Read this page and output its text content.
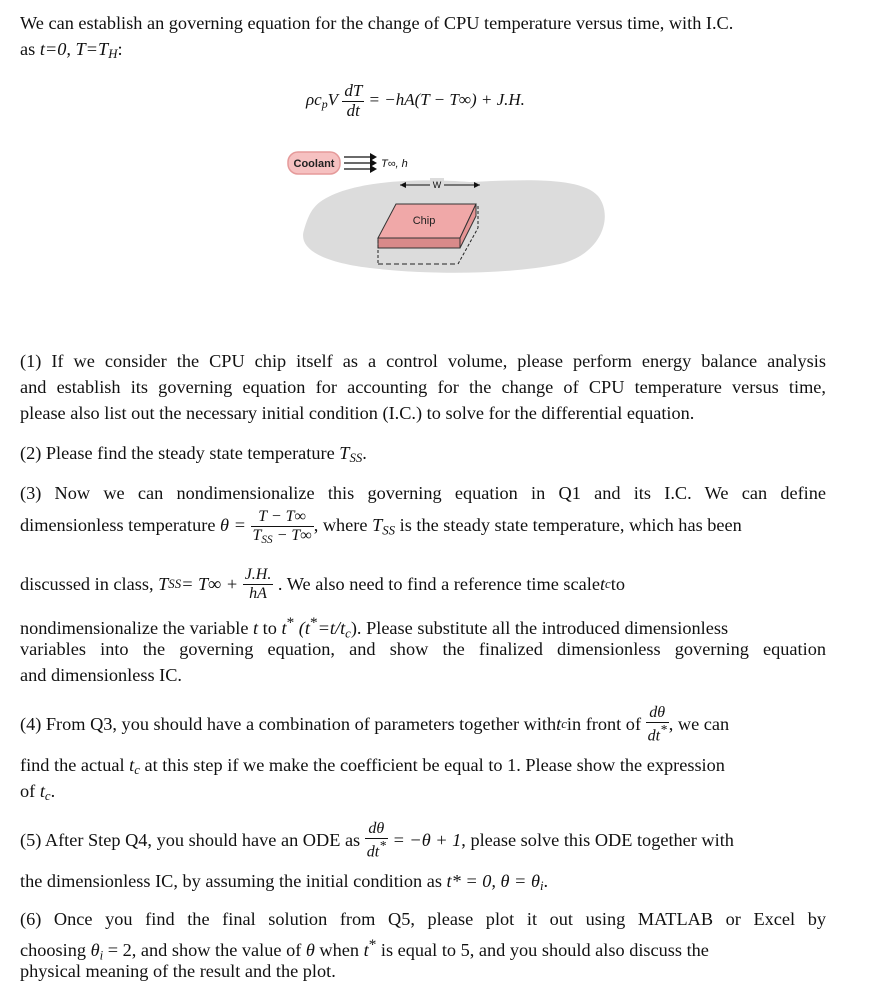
We can establish an governing equation for the change of CPU temperature versus time, with I.C.

as t=0, $T=T_H$:

$\rho c_pV \frac{dT}{dt} = -hA(T - T\infty) + J.H$.
Coolant	T∞, h
W
Chip

(1) If we consider the CPU chip itself as a control volume, please perform energy balance analysis

and establish its governing equation for accounting for the change of CPU temperature versus time,

please also list out the necessary initial condition (I.C.) to solve for the differential equation.

(2) Please find the steady state temperature $T_{SS}$.

(3) Now we can nondimensionalize this governing equation in Q1 and its I.C. We can define

dimensionless temperature $\theta = \frac{T - T\infty}{T_{SS} - T\infty}$ , where $T_{SS}$ is the steady state temperature, which has been
discussed in class,
T SS = T∞ +
$\frac{J.H.}{hA}$
. We also need to find a reference time scale t c to

nondimensionalize the variable t to t* $(t^*=t/t_c)$. Please substitute all the introduced dimensionless

variables into the governing equation, and show the finalized dimensionless governing equation

and dimensionless IC.

(4) From Q3, you should have a combination of parameters together with t c in front of
$\frac{d\theta}{dt^*}$ , we can

find the actual $t_c$ at this step if we make the coefficient be equal to 1. Please show the expression

of $t_c$.

(5) After Step Q4, you should have an ODE as
$\frac{d\theta}{dt^*}$
= −θ + 1 , please solve this ODE together with

the dimensionless IC, by assuming the initial condition as t* = 0, $\theta = \theta_i$.

(6) Once you find the final solution from Q5, please plot it out using MATLAB or Excel by

choosing $\theta_i = 2$, and show the value of θ when t* is equal to 5, and you should also discuss the

physical meaning of the result and the plot.
